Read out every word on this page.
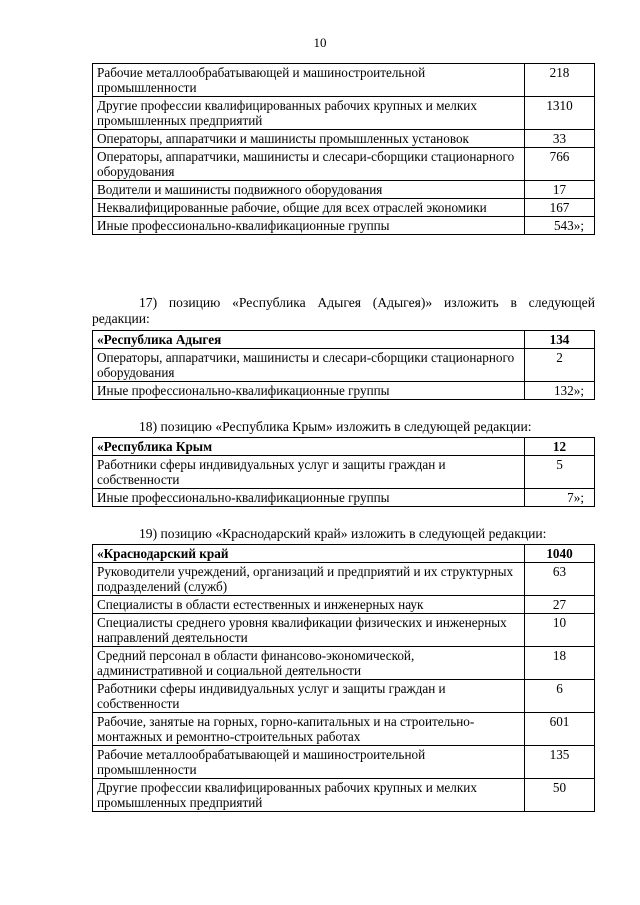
10
Рабочие металлообрабатывающей и машиностроительной промышленности	218
Другие профессии квалифицированных рабочих крупных и мелких промышленных предприятий	1310
Операторы, аппаратчики и машинисты промышленных установок	33
Операторы, аппаратчики, машинисты и слесари-сборщики стационарного оборудования	766
Водители и машинисты подвижного оборудования	17
Неквалифицированные рабочие, общие для всех отраслей экономики	167
Иные профессионально-квалификационные группы	543»;
17) позицию «Республика Адыгея (Адыгея)» изложить в следующей редакции:
«Республика Адыгея	134
Операторы, аппаратчики, машинисты и слесари-сборщики стационарного оборудования	2
Иные профессионально-квалификационные группы	132»;
18) позицию «Республика Крым» изложить в следующей редакции:
«Республика Крым	12
Работники сферы индивидуальных услуг и защиты граждан и собственности	5
Иные профессионально-квалификационные группы	7»;
19) позицию «Краснодарский край» изложить в следующей редакции:
«Краснодарский край	1040
Руководители учреждений, организаций и предприятий и их структурных подразделений (служб)	63
Специалисты в области естественных и инженерных наук	27
Специалисты среднего уровня квалификации физических и инженерных направлений деятельности	10
Средний персонал в области финансово-экономической, административной и социальной деятельности	18
Работники сферы индивидуальных услуг и защиты граждан и собственности	6
Рабочие, занятые на горных, горно-капитальных и на строительно-монтажных и ремонтно-строительных работах	601
Рабочие металлообрабатывающей и машиностроительной промышленности	135
Другие профессии квалифицированных рабочих крупных и мелких промышленных предприятий	50
